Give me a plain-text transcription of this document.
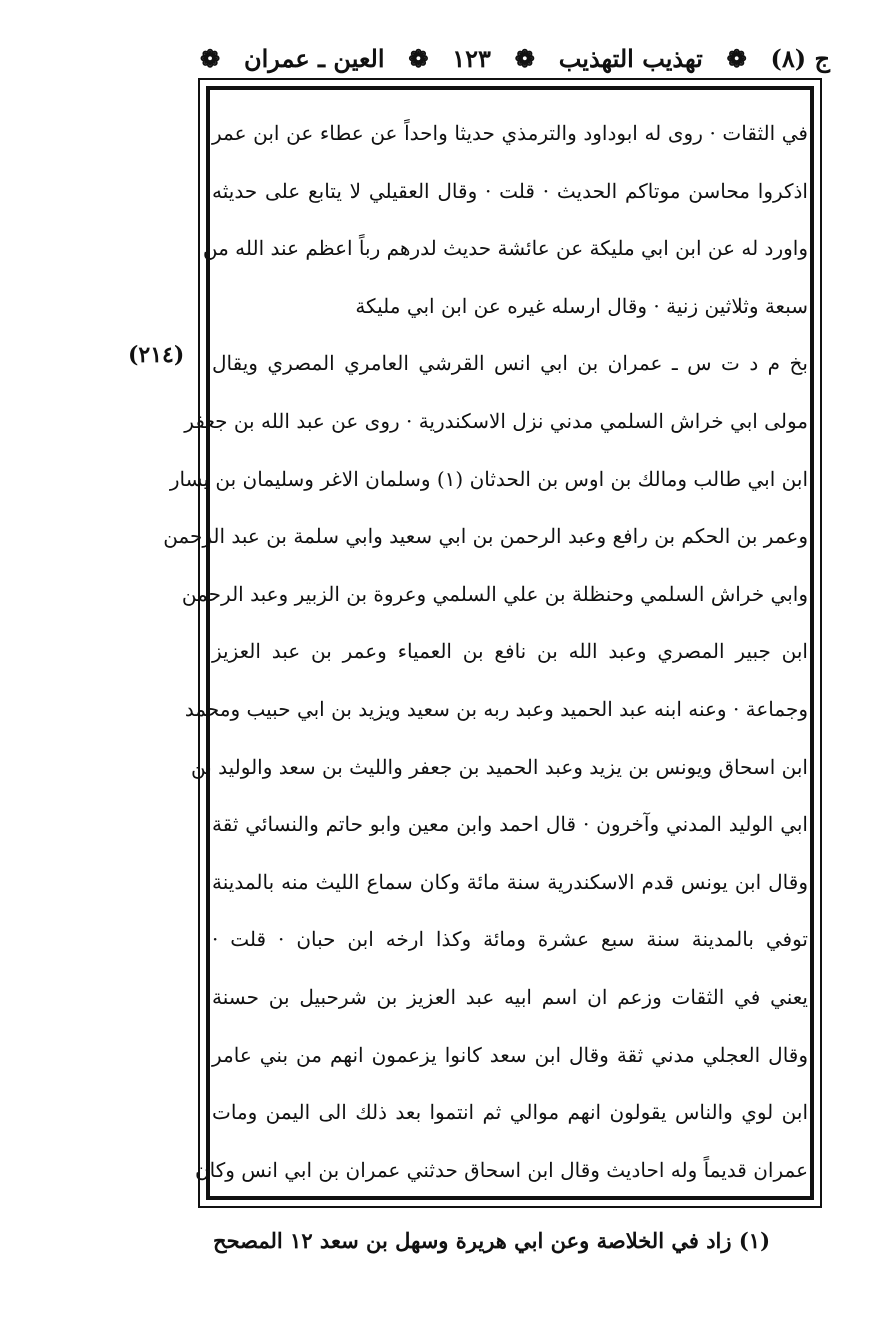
ج (٨)
❁
تهذيب التهذيب
❁
١٢٣
❁
العين ـ عمران
❁
(٢١٤)
في الثقات · روى له ابوداود والترمذي حديثا واحداً عن عطاء عن ابن عمر
اذكروا محاسن موتاكم الحديث · قلت · وقال العقيلي لا يتابع على حديثه
واورد له عن ابن ابي مليكة عن عائشة حديث لدرهم رباً اعظم عند الله من
سبعة وثلاثين زنية · وقال ارسله غيره عن ابن ابي مليكة
بخ م د ت س ـ عمران بن ابي انس القرشي العامري المصري ويقال
مولى ابي خراش السلمي مدني نزل الاسكندرية · روى عن عبد الله بن جعفر
ابن ابي طالب ومالك بن اوس بن الحدثان (١) وسلمان الاغر وسليمان بن يسار
وعمر بن الحكم بن رافع وعبد الرحمن بن ابي سعيد وابي سلمة بن عبد الرحمن
وابي خراش السلمي وحنظلة بن علي السلمي وعروة بن الزبير وعبد الرحمن
ابن جبير المصري وعبد الله بن نافع بن العمياء وعمر بن عبد العزيز
وجماعة · وعنه ابنه عبد الحميد وعبد ربه بن سعيد ويزيد بن ابي حبيب ومحمد
ابن اسحاق ويونس بن يزيد وعبد الحميد بن جعفر والليث بن سعد والوليد بن
ابي الوليد المدني وآخرون · قال احمد وابن معين وابو حاتم والنسائي ثقة
وقال ابن يونس قدم الاسكندرية سنة مائة وكان سماع الليث منه بالمدينة
توفي بالمدينة سنة سبع عشرة ومائة وكذا ارخه ابن حبان · قلت ·
يعني في الثقات وزعم ان اسم ابيه عبد العزيز بن شرحبيل بن حسنة
وقال العجلي مدني ثقة وقال ابن سعد كانوا يزعمون انهم من بني عامر
ابن لوي والناس يقولون انهم موالي ثم انتموا بعد ذلك الى اليمن ومات
عمران قديماً وله احاديث وقال ابن اسحاق حدثني عمران بن ابي انس وكان
(١) زاد في الخلاصة وعن ابي هريرة وسهل بن سعد ١٢ المصحح
